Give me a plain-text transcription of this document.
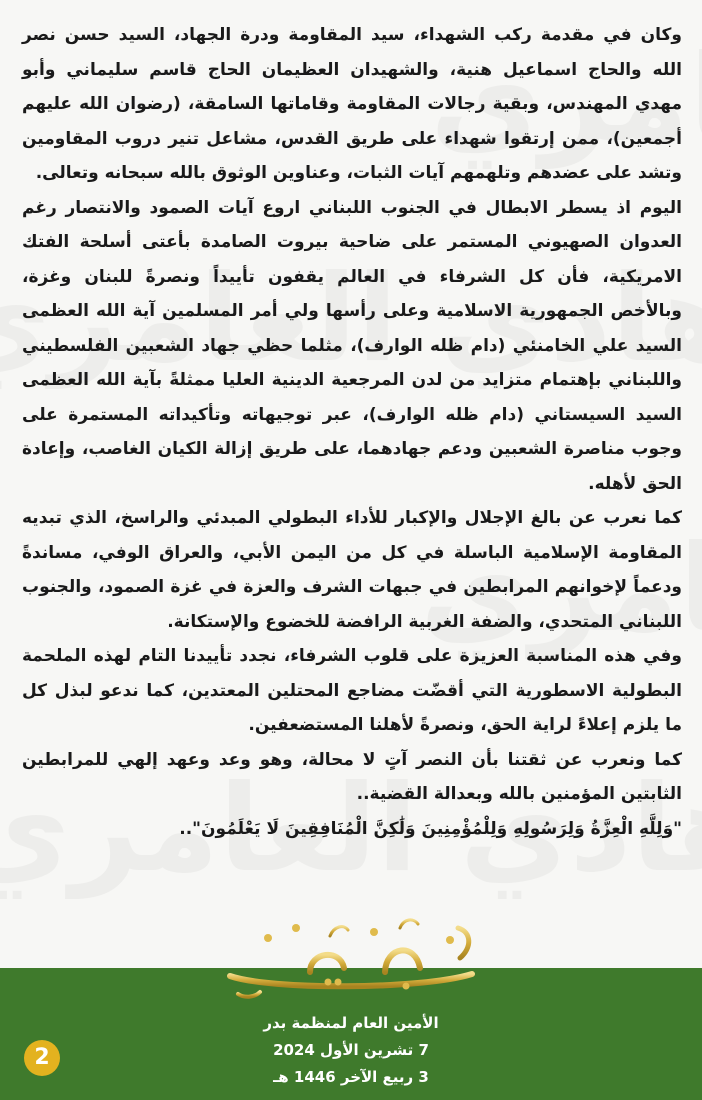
وكان في مقدمة ركب الشهداء، سيد المقاومة ودرة الجهاد، السيد حسن نصر الله والحاج اسماعيل هنية، والشهيدان العظيمان الحاج قاسم سليماني وأبو مهدي المهندس، وبقية رجالات المقاومة وقاماتها السامقة، (رضوان الله عليهم أجمعين)، ممن إرتقوا شهداء على طريق القدس، مشاعل تنير دروب المقاومين وتشد على عضدهم وتلهمهم آيات الثبات، وعناوين الوثوق بالله سبحانه وتعالى.

اليوم اذ يسطر الابطال في الجنوب اللبناني اروع آيات الصمود والانتصار رغم العدوان الصهيوني المستمر على ضاحية بيروت الصامدة بأعتى أسلحة الفتك الامريكية، فأن كل الشرفاء في العالم يقفون تأييداً ونصرةً للبنان وغزة، وبالأخص الجمهورية الاسلامية وعلى رأسها ولي أمر المسلمين آية الله العظمى السيد علي الخامنئي (دام ظله الوارف)، مثلما حظي جهاد الشعبين الفلسطيني واللبناني بإهتمام متزايد من لدن المرجعية الدينية العليا ممثلةً بآية الله العظمى السيد السيستاني (دام ظله الوارف)، عبر توجيهاته وتأكيداته المستمرة على وجوب مناصرة الشعبين ودعم جهادهما، على طريق إزالة الكيان الغاصب، وإعادة الحق لأهله.

كما نعرب عن بالغ الإجلال والإكبار للأداء البطولي المبدئي والراسخ، الذي تبديه المقاومة الإسلامية الباسلة في كل من اليمن الأبي، والعراق الوفي، مساندةً ودعماً لإخوانهم المرابطين في جبهات الشرف والعزة في غزة الصمود، والجنوب اللبناني المتحدي، والضفة الغربية الرافضة للخضوع والإستكانة.

وفي هذه المناسبة العزيزة على قلوب الشرفاء، نجدد تأييدنا التام لهذه الملحمة البطولية الاسطورية التي أقضّت مضاجع المحتلين المعتدين، كما ندعو لبذل كل ما يلزم إعلاءً لراية الحق، ونصرةً لأهلنا المستضعفين.

كما ونعرب عن ثقتنا بأن النصر آتٍ لا محالة، وهو وعد وعهد إلهي للمرابطين الثابتين المؤمنين بالله وبعدالة القضية..

"وَلِلَّهِ الْعِزَّةُ وَلِرَسُولِهِ وَلِلْمُؤْمِنِينَ وَلَٰكِنَّ الْمُنَافِقِينَ لَا يَعْلَمُونَ"..

الأمين العام لمنظمة بدر
7 تشرين الأول 2024
3 ربيع الآخر 1446 هـ
2
